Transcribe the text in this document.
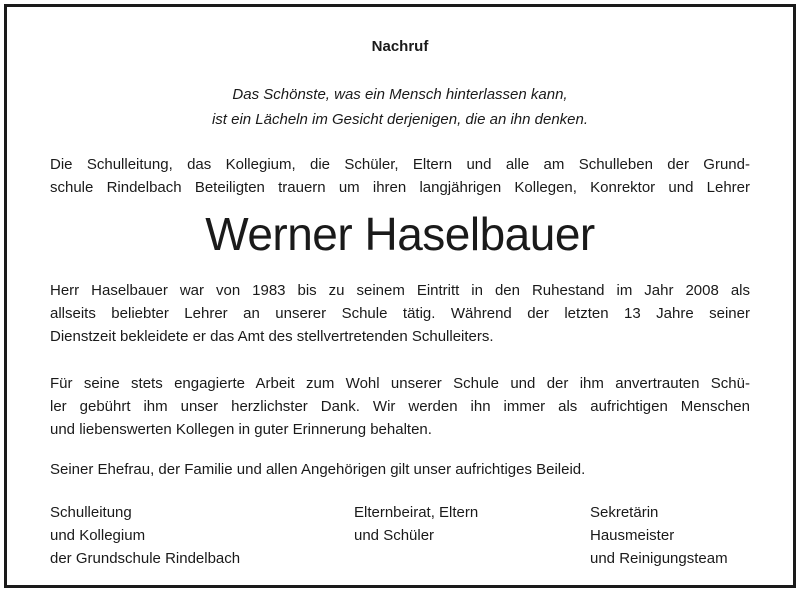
Nachruf
Das Schönste, was ein Mensch hinterlassen kann,
ist ein Lächeln im Gesicht derjenigen, die an ihn denken.
Die Schulleitung, das Kollegium, die Schüler, Eltern und alle am Schulleben der Grund-
schule Rindelbach Beteiligten trauern um ihren langjährigen Kollegen, Konrektor und Lehrer
Werner Haselbauer
Herr Haselbauer war von 1983 bis zu seinem Eintritt in den Ruhestand im Jahr 2008 als
allseits beliebter Lehrer an unserer Schule tätig. Während der letzten 13 Jahre seiner
Dienstzeit bekleidete er das Amt des stellvertretenden Schulleiters.
Für seine stets engagierte Arbeit zum Wohl unserer Schule und der ihm anvertrauten Schü-
ler gebührt ihm unser herzlichster Dank. Wir werden ihn immer als aufrichtigen Menschen
und liebenswerten Kollegen in guter Erinnerung behalten.
Seiner Ehefrau, der Familie und allen Angehörigen gilt unser aufrichtiges Beileid.
Schulleitung
und Kollegium
der Grundschule Rindelbach
Elternbeirat, Eltern
und Schüler
Sekretärin
Hausmeister
und Reinigungsteam
